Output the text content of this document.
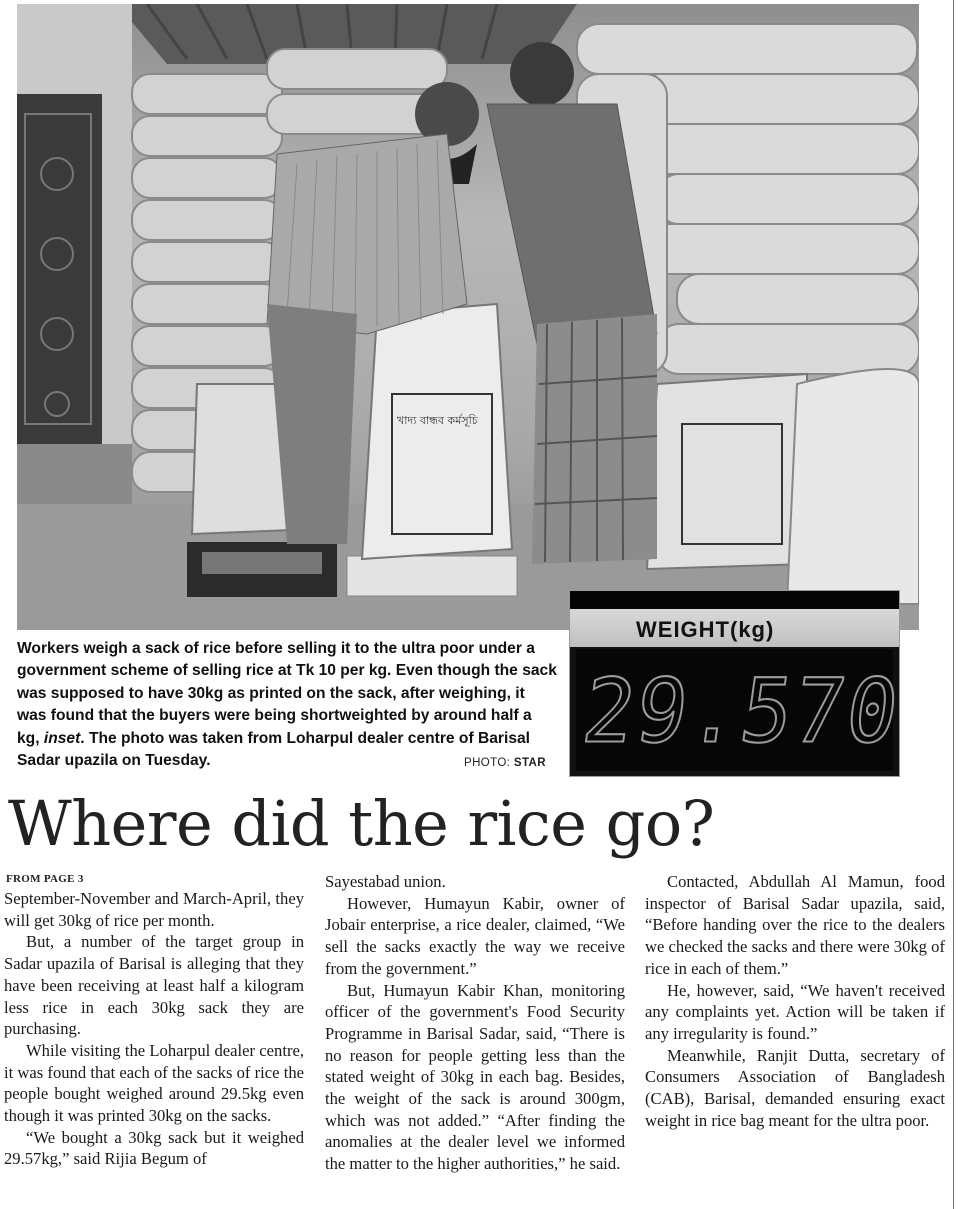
খাদ্য বান্ধব কর্মসূচি

Workers weigh a sack of rice before selling it to the ultra poor under a government scheme of selling rice at Tk 10 per kg. Even though the sack was supposed to have 30kg as printed on the sack, after weighing, it was found that the buyers were being shortweighted by around half a kg, inset. The photo was taken from Loharpul dealer centre of Barisal Sadar upazila on Tuesday.	PHOTO: STAR
WEIGHT(kg)
29.570
Where did the rice go?
FROM PAGE 3

September-November and March-April, they will get 30kg of rice per month.

But, a number of the target group in Sadar upazila of Barisal is alleging that they have been receiving at least half a kilogram less rice in each 30kg sack they are purchasing.

While visiting the Loharpul dealer centre, it was found that each of the sacks of rice the people bought weighed around 29.5kg even though it was printed 30kg on the sacks.

“We bought a 30kg sack but it weighed 29.57kg,” said Rijia Begum of

Sayestabad union.

However, Humayun Kabir, owner of Jobair enterprise, a rice dealer, claimed, “We sell the sacks exactly the way we receive from the government.”

But, Humayun Kabir Khan, monitoring officer of the government's Food Security Programme in Barisal Sadar, said, “There is no reason for people getting less than the stated weight of 30kg in each bag. Besides, the weight of the sack is around 300gm, which was not added.” “After finding the anomalies at the dealer level we informed the matter to the higher authorities,” he said.

Contacted, Abdullah Al Mamun, food inspector of Barisal Sadar upazila, said, “Before handing over the rice to the dealers we checked the sacks and there were 30kg of rice in each of them.”

He, however, said, “We haven't received any complaints yet. Action will be taken if any irregularity is found.”

Meanwhile, Ranjit Dutta, secretary of Consumers Association of Bangladesh (CAB), Barisal, demanded ensuring exact weight in rice bag meant for the ultra poor.
